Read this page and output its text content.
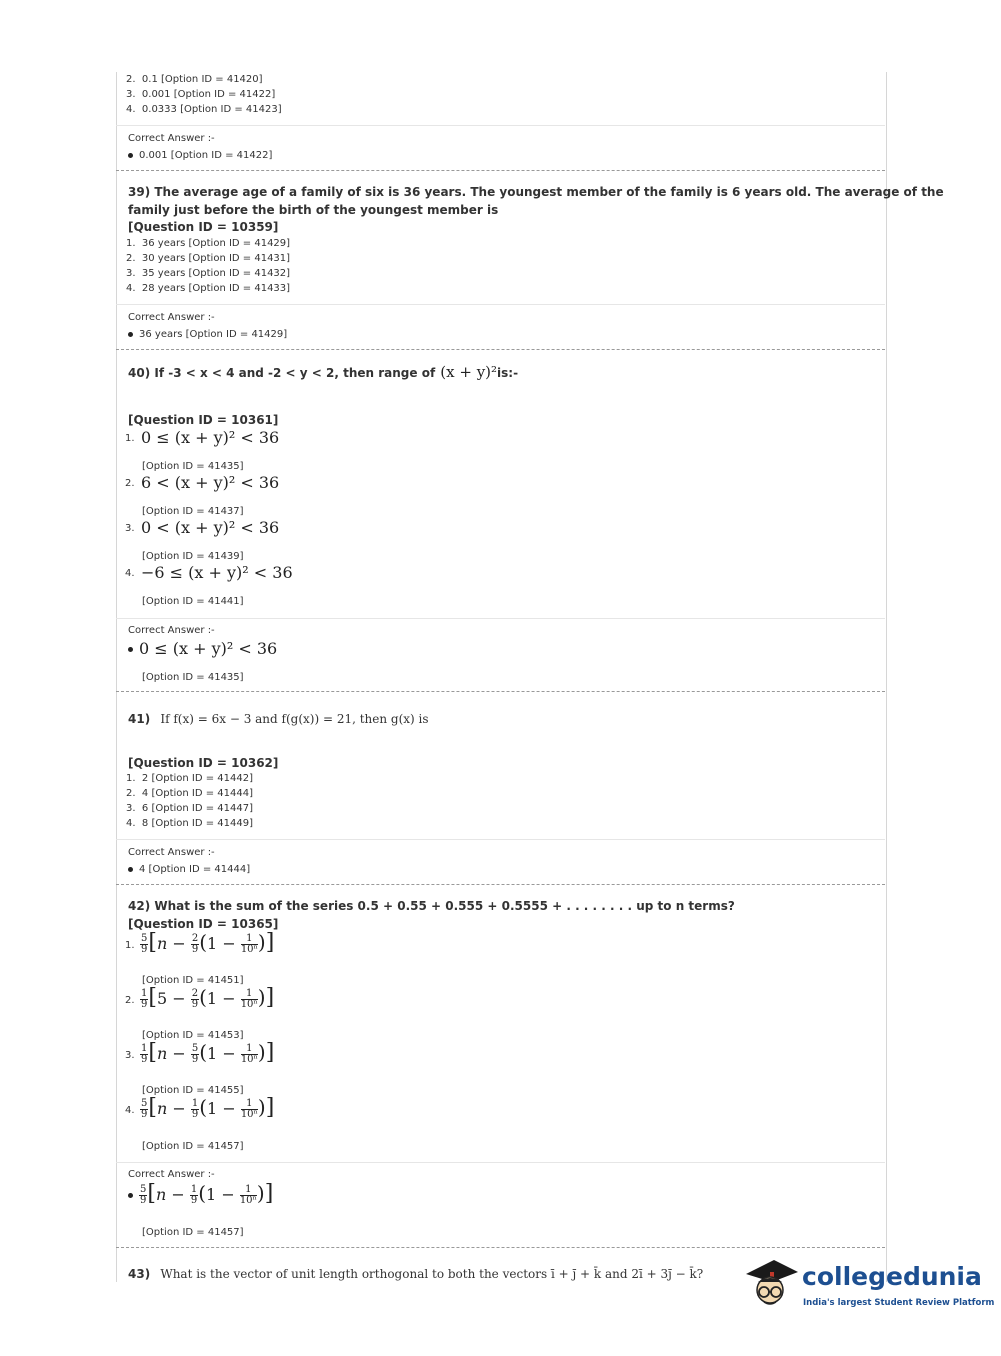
2. 0.1 [Option ID = 41420]
3. 0.001 [Option ID = 41422]
4. 0.0333 [Option ID = 41423]
Correct Answer :-
0.001 [Option ID = 41422]
39) The average age of a family of six is 36 years. The youngest member of the family is 6 years old. The average of the
family just before the birth of the youngest member is
[Question ID = 10359]
1. 36 years [Option ID = 41429]
2. 30 years [Option ID = 41431]
3. 35 years [Option ID = 41432]
4. 28 years [Option ID = 41433]
Correct Answer :-
36 years [Option ID = 41429]
40) If -3 < x < 4 and -2 < y < 2, then range of (x + y)²is:-
[Question ID = 10361]
1. 0 ≤ (x + y)² < 36
[Option ID = 41435]
2. 6 < (x + y)² < 36
[Option ID = 41437]
3. 0 < (x + y)² < 36
[Option ID = 41439]
4. −6 ≤ (x + y)² < 36
[Option ID = 41441]
Correct Answer :-
0 ≤ (x + y)² < 36
[Option ID = 41435]
41) If f(x) = 6x − 3 and f(g(x)) = 21, then g(x) is
[Question ID = 10362]
1. 2 [Option ID = 41442]
2. 4 [Option ID = 41444]
3. 6 [Option ID = 41447]
4. 8 [Option ID = 41449]
Correct Answer :-
4 [Option ID = 41444]
42) What is the sum of the series 0.5 + 0.55 + 0.555 + 0.5555 + . . . . . . . . up to n terms?
[Question ID = 10365]
1. $\frac{5}{9} [n - \frac{2}{9} (1 - \frac{1}{\text{10ⁿ}}$ )]
[Option ID = 41451]
2. $\frac{1}{9} [5 - \frac{2}{9} (1 - \frac{1}{\text{10ⁿ}}$ )]
[Option ID = 41453]
3. $\frac{1}{9} [n - \frac{5}{9} (1 - \frac{1}{\text{10ⁿ}}$ )]
[Option ID = 41455]
4. $\frac{5}{9} [n - \frac{1}{9} (1 - \frac{1}{\text{10ⁿ}}$ )]
[Option ID = 41457]
Correct Answer :-
$\frac{5}{9} [n - \frac{1}{9} (1 - \frac{1}{\text{10ⁿ}}$ )]
[Option ID = 41457]
43) What is the vector of unit length orthogonal to both the vectors ī + j̄ + k̄ and 2ī + 3j̄ − k̄?	collegedunia
India's largest Student Review Platform
